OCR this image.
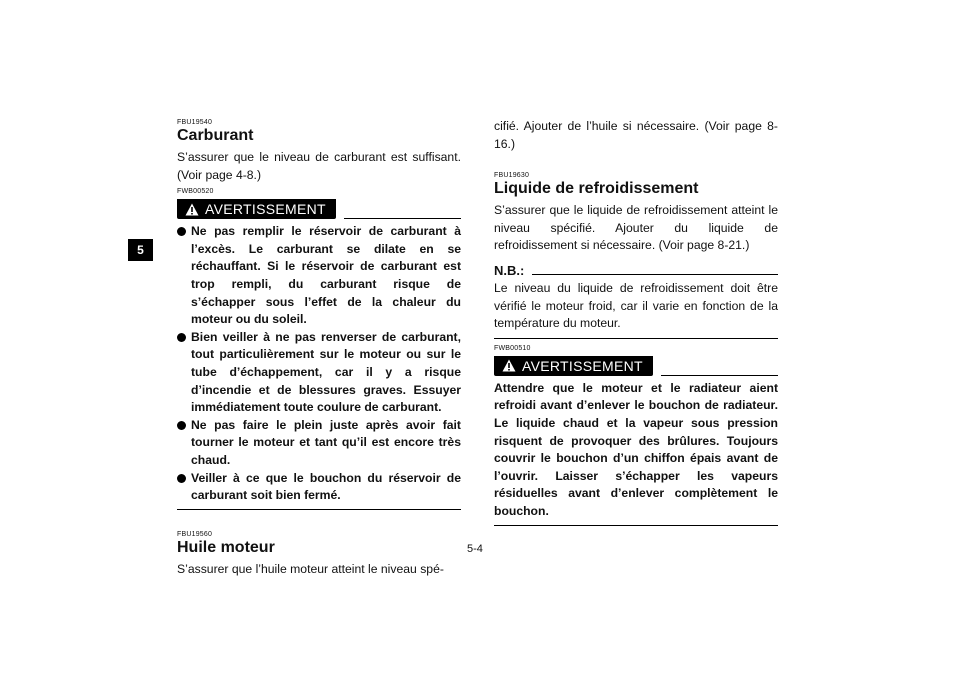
5

FBU19540

Carburant

S’assurer que le niveau de carburant est suffisant. (Voir page 4-8.)

FWB00520

AVERTISSEMENT
Ne pas remplir le réservoir de carburant à l’excès. Le carburant se dilate en se réchauffant. Si le réservoir de carburant est trop rempli, du carburant risque de s’échapper sous l’effet de la chaleur du moteur ou du soleil.
Bien veiller à ne pas renverser de carburant, tout particulièrement sur le moteur ou sur le tube d’échappement, car il y a risque d’incendie et de blessures graves. Essuyer immédiatement toute coulure de carburant.
Ne pas faire le plein juste après avoir fait tourner le moteur et tant qu’il est encore très chaud.
Veiller à ce que le bouchon du réservoir de carburant soit bien fermé.

FBU19560

Huile moteur

S’assurer que l’huile moteur atteint le niveau spé-

cifié. Ajouter de l’huile si nécessaire. (Voir page 8-16.)

FBU19630

Liquide de refroidissement

S’assurer que le liquide de refroidissement atteint le niveau spécifié. Ajouter du liquide de refroidissement si nécessaire. (Voir page 8-21.)

N.B.:

Le niveau du liquide de refroidissement doit être vérifié le moteur froid, car il varie en fonction de la température du moteur.

FWB00510

AVERTISSEMENT

Attendre que le moteur et le radiateur aient refroidi avant d’enlever le bouchon de radiateur. Le liquide chaud et la vapeur sous pression risquent de provoquer des brûlures. Toujours couvrir le bouchon d’un chiffon épais avant de l’ouvrir. Laisser s’échapper les vapeurs résiduelles avant d’enlever complètement le bouchon.

5-4
